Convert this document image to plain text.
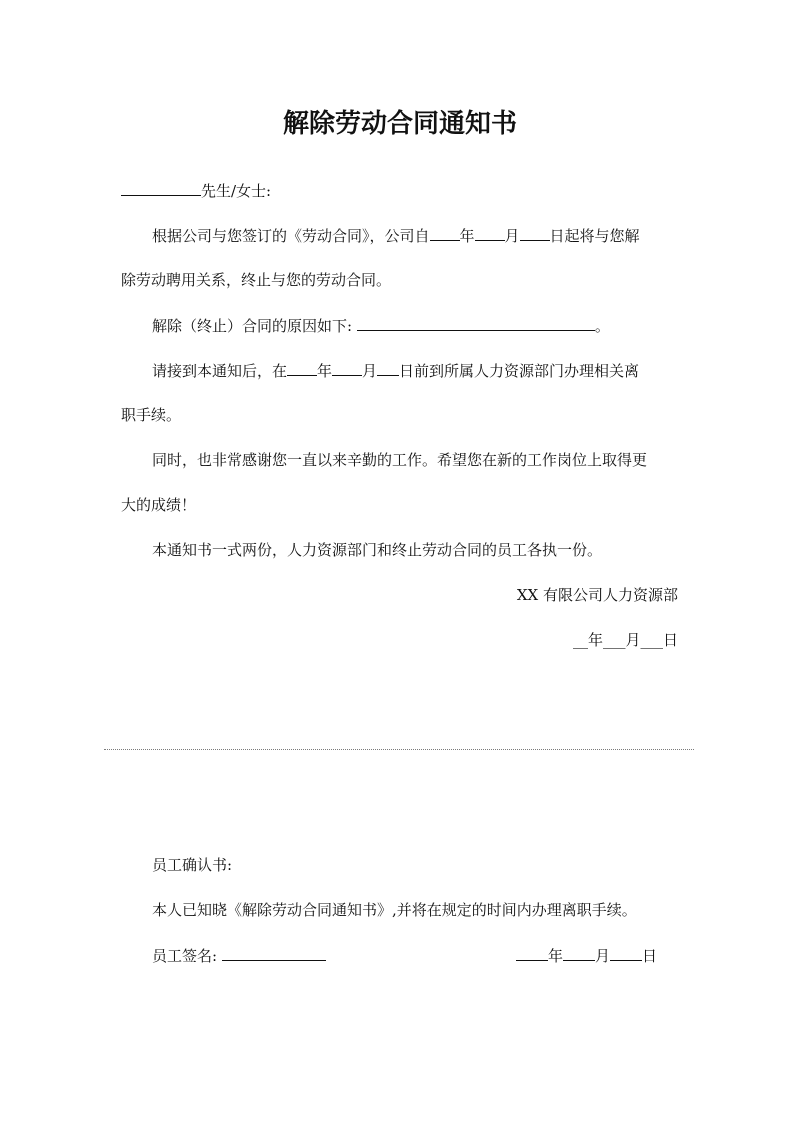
解除劳动合同通知书
先生/女士:
根据公司与您签订的《劳动合同》，公司自 年 月 日起将与您解
除劳动聘用关系，终止与您的劳动合同。
解除（终止）合同的原因如下:	。
请接到本通知后，在 年 月 日前到所属人力资源部门办理相关离
职手续。
同时，也非常感谢您一直以来辛勤的工作。希望您在新的工作岗位上取得更
大的成绩！
本通知书一式两份，人力资源部门和终止劳动合同的员工各执一份。
XX 有限公司人力资源部
__年___月___日
员工确认书:
本人已知晓《解除劳动合同通知书》,并将在规定的时间内办理离职手续。
员工签名:	年 月 日
